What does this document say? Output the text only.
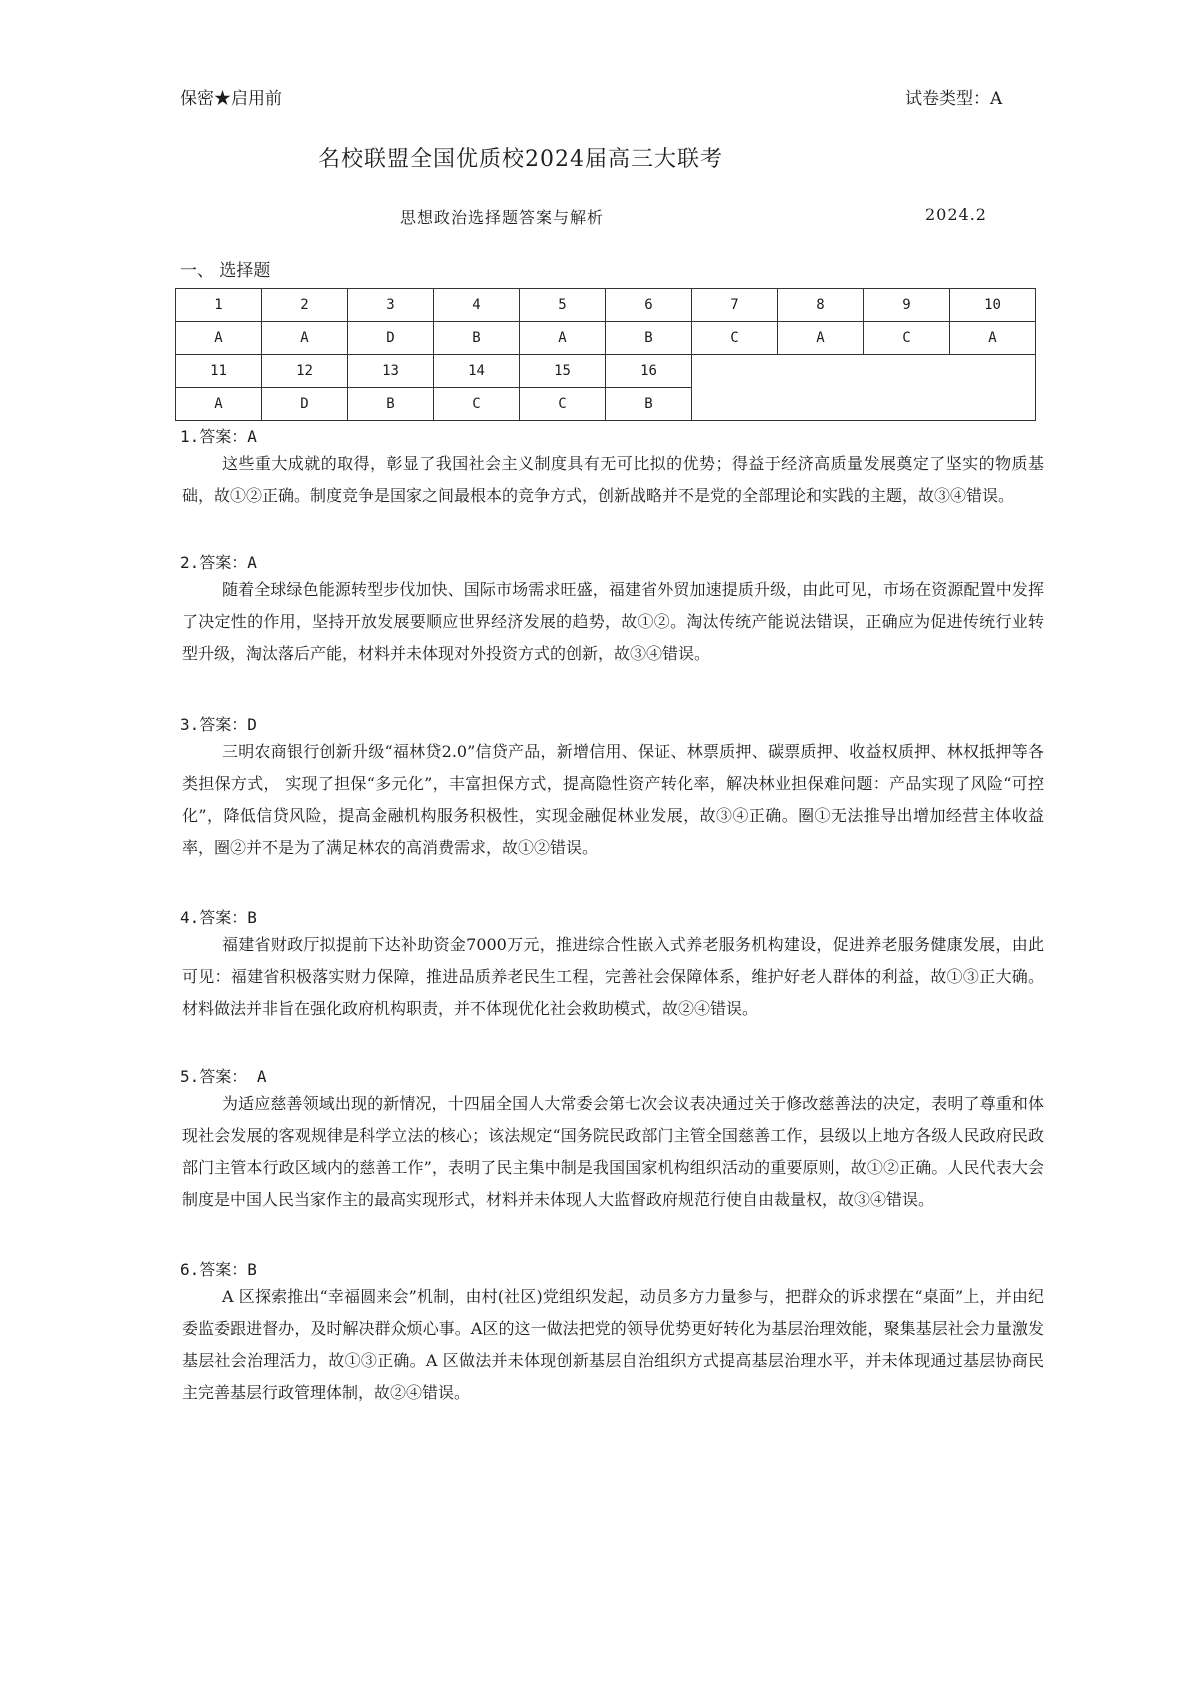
保密★启用前	试卷类型：A
名校联盟全国优质校2024届高三大联考
思想政治选择题答案与解析	2024.2
一、 选择题
1	2	3	4	5	6	7	8	9	10
A	A	D	B	A	B	C	A	C	A
11	12	13	14	15	16				
A	D	B	C	C	B				
1.答案：A
这些重大成就的取得，彰显了我国社会主义制度具有无可比拟的优势；得益于经济高质量发展奠定了坚实的物质基础，故①②正确。制度竞争是国家之间最根本的竞争方式，创新战略并不是党的全部理论和实践的主题，故③④错误。
2.答案：A
随着全球绿色能源转型步伐加快、国际市场需求旺盛，福建省外贸加速提质升级，由此可见，市场在资源配置中发挥了决定性的作用，坚持开放发展要顺应世界经济发展的趋势，故①②。淘汰传统产能说法错误，正确应为促进传统行业转型升级，淘汰落后产能，材料并未体现对外投资方式的创新，故③④错误。
3.答案：D
三明农商银行创新升级“福林贷2.0”信贷产品，新增信用、保证、林票质押、碳票质押、收益权质押、林权抵押等各类担保方式， 实现了担保“多元化”，丰富担保方式，提高隐性资产转化率，解决林业担保难问题：产品实现了风险“可控化”，降低信贷风险，提高金融机构服务积极性，实现金融促林业发展，故③④正确。圈①无法推导出增加经营主体收益率，圈②并不是为了满足林农的高消费需求，故①②错误。
4.答案：B
福建省财政厅拟提前下达补助资金7000万元，推进综合性嵌入式养老服务机构建设，促进养老服务健康发展，由此可见：福建省积极落实财力保障，推进品质养老民生工程，完善社会保障体系，维护好老人群体的利益，故①③正大确。材料做法并非旨在强化政府机构职责，并不体现优化社会救助模式，故②④错误。
5.答案： A
为适应慈善领域出现的新情况，十四届全国人大常委会第七次会议表决通过关于修改慈善法的决定，表明了尊重和体现社会发展的客观规律是科学立法的核心；该法规定“国务院民政部门主管全国慈善工作，县级以上地方各级人民政府民政部门主管本行政区域内的慈善工作”，表明了民主集中制是我国国家机构组织活动的重要原则，故①②正确。人民代表大会制度是中国人民当家作主的最高实现形式，材料并未体现人大监督政府规范行使自由裁量权，故③④错误。
6.答案：B
A 区探索推出“幸福圆来会”机制，由村(社区)党组织发起，动员多方力量参与，把群众的诉求摆在“桌面”上，并由纪委监委跟进督办，及时解决群众烦心事。A区的这一做法把党的领导优势更好转化为基层治理效能，聚集基层社会力量激发基层社会治理活力，故①③正确。A 区做法并未体现创新基层自治组织方式提高基层治理水平，并未体现通过基层协商民主完善基层行政管理体制，故②④错误。
